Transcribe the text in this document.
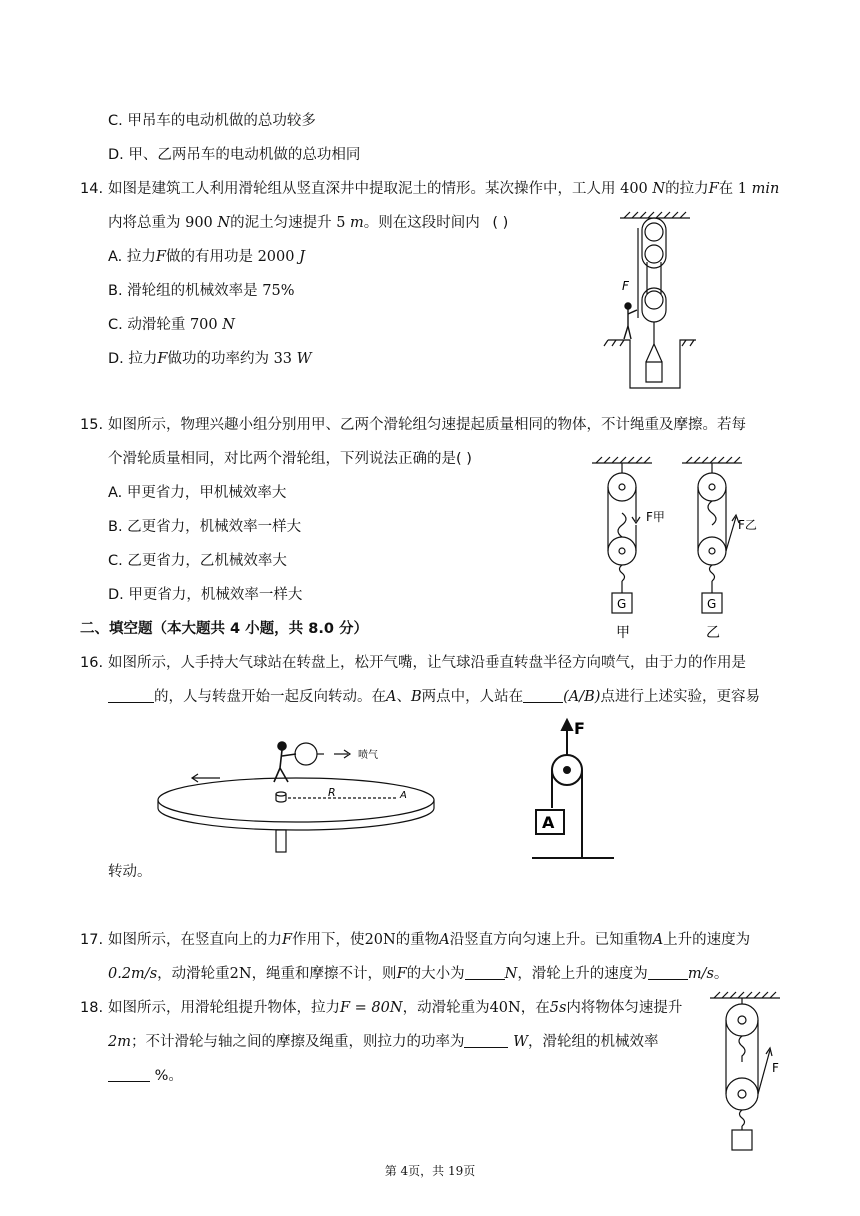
C. 甲吊车的电动机做的总功较多
D. 甲、乙两吊车的电动机做的总功相同
14. 如图是建筑工人利用滑轮组从竖直深井中提取泥土的情形。某次操作中，工人用 400 N的拉力F在 1 min
内将总重为 900 N的泥土匀速提升 5 m。则在这段时间内 ( )
A. 拉力F做的有用功是 2000 J
B. 滑轮组的机械效率是 75%
C. 动滑轮重 700 N
D. 拉力F做功的功率约为 33 W
F
15. 如图所示，物理兴趣小组分别用甲、乙两个滑轮组匀速提起质量相同的物体，不计绳重及摩擦。若每
个滑轮质量相同，对比两个滑轮组，下列说法正确的是( )
A. 甲更省力，甲机械效率大
B. 乙更省力，机械效率一样大
C. 乙更省力，乙机械效率大
D. 甲更省力，机械效率一样大
F甲
F乙
G	G
甲	乙
二、填空题（本大题共 4 小题，共 8.0 分）
16. 如图所示，人手持大气球站在转盘上，松开气嘴，让气球沿垂直转盘半径方向喷气，由于力的作用是
的，人与转盘开始一起反向转动。在A、B两点中，人站在	(A/B)点进行上述实验，更容易
喷气
R	A
F
A
转动。
17. 如图所示，在竖直向上的力F作用下，使20N的重物A沿竖直方向匀速上升。已知重物A上升的速度为
0.2m/s，动滑轮重2N，绳重和摩擦不计，则F的大小为	N，滑轮上升的速度为	m/s。
18. 如图所示，用滑轮组提升物体，拉力F = 80N，动滑轮重为40N，在5s内将物体匀速提升
2m；不计滑轮与轴之间的摩擦及绳重，则拉力的功率为	W，滑轮组的机械效率
%。	F
第 4页，共 19页
